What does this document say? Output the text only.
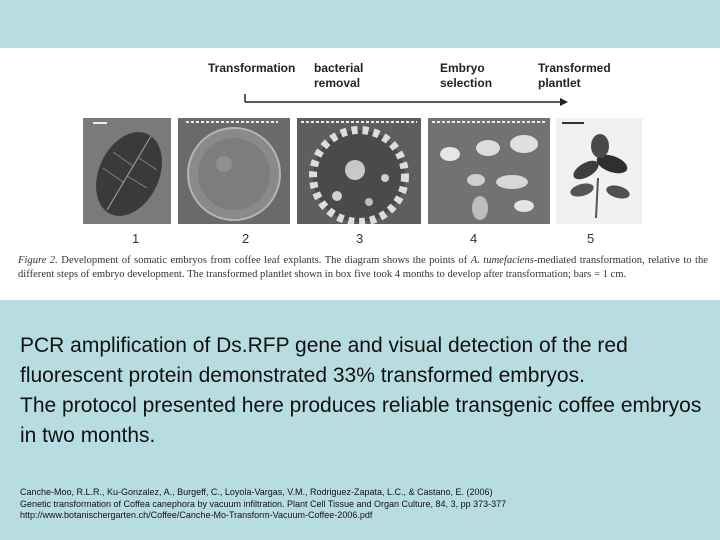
Transformation bacterial
removal
Embryo
selection
Transformed
plantlet
1	2	3	4	5
Figure 2. Development of somatic embryos from coffee leaf explants. The diagram shows the points of A. tumefaciens-mediated transformation, relative to the different steps of embryo development. The transformed plantlet shown in box five took 4 months to develop after transformation; bars = 1 cm.

PCR amplification of Ds.RFP gene and visual detection of the red fluorescent protein demonstrated 33% transformed embryos.

The protocol presented here produces reliable transgenic coffee embryos in two months.

Canche-Moo, R.L.R., Ku-Gonzalez, A., Burgeff, C., Loyola-Vargas, V.M., Rodriguez-Zapata, L.C., & Castano, E. (2006)

Genetic transformation of Coffea canephora by vacuum infiltration. Plant Cell Tissue and Organ Culture, 84, 3, pp 373-377

http://www.botanischergarten.ch/Coffee/Canche-Mo-Transform-Vacuum-Coffee-2006.pdf
